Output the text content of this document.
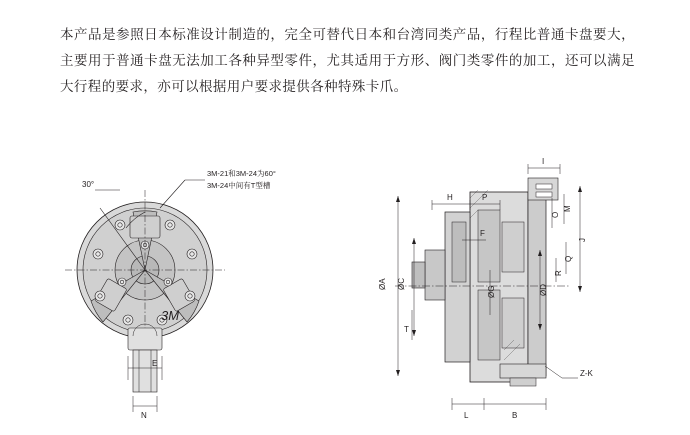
本产品是参照日本标准设计制造的，完全可替代日本和台湾同类产品，行程比普通卡盘要大，主要用于普通卡盘无法加工各种异型零件，尤其适用于方形、阀门类零件的加工，还可以满足大行程的要求，亦可以根据用户要求提供各种特殊卡爪。
30°
3M-21和3M-24为60°
3M-24中间有T型槽
3M
E
N
ØA ØC	ØD
ØG
H	P
F
T
L	B
I
J
M
O
Q
R
Z-K
